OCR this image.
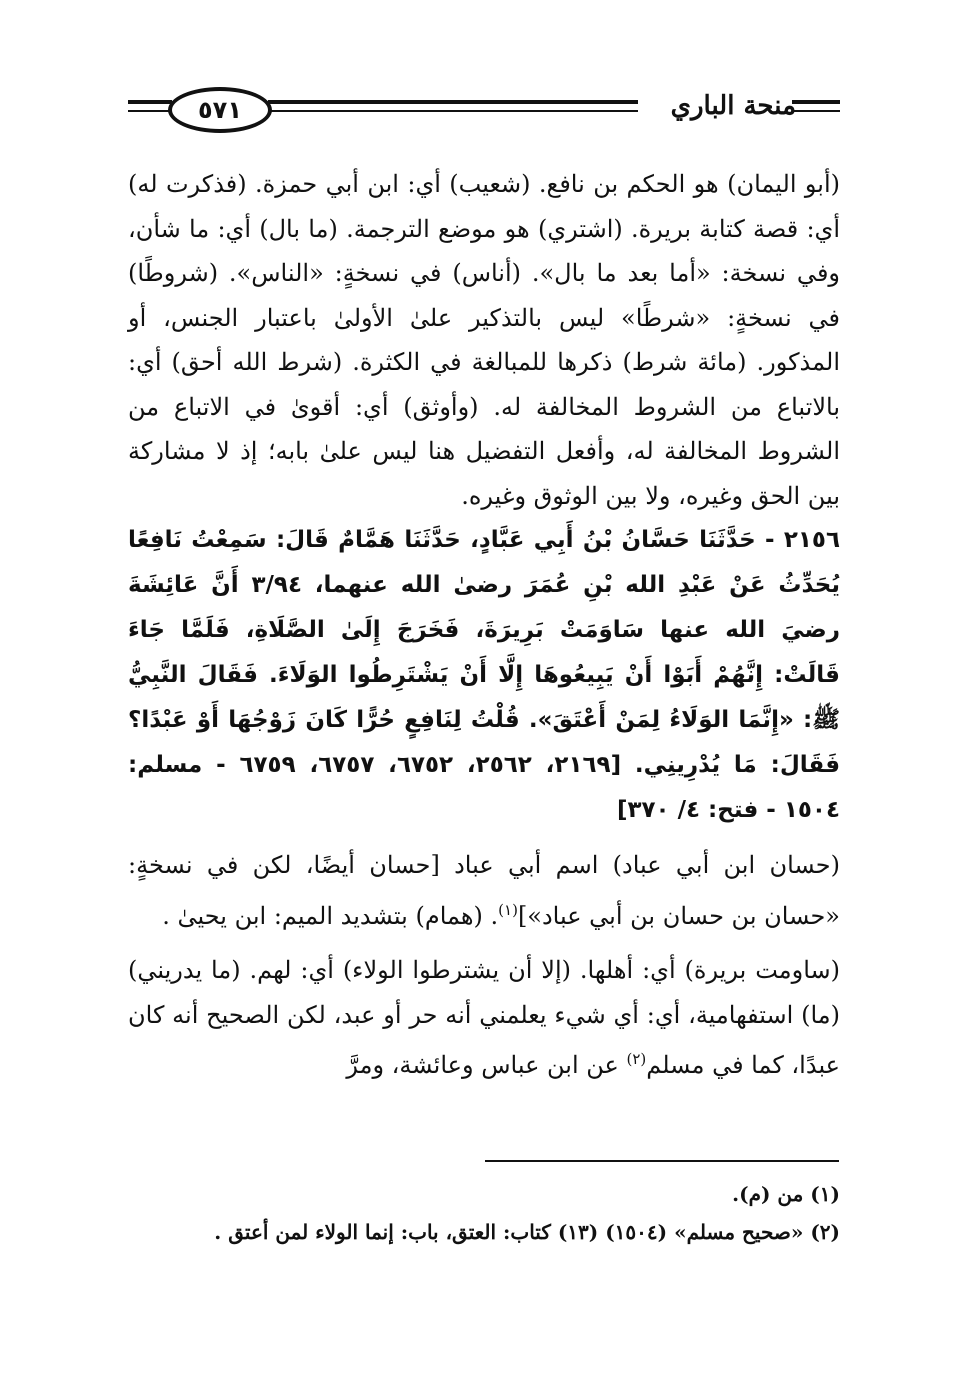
٥٧١	منحة الباري

(أبو اليمان) هو الحكم بن نافع. (شعيب) أي: ابن أبي حمزة. (فذكرت له) أي: قصة كتابة بريرة. (اشتري) هو موضع الترجمة. (ما بال) أي: ما شأن، وفي نسخة: «أما بعد ما بال». (أناس) في نسخةٍ: «الناس». (شروطًا) في نسخةٍ: «شرطًا» ليس بالتذكير علىٰ الأولىٰ باعتبار الجنس، أو المذكور. (مائة شرط) ذكرها للمبالغة في الكثرة. (شرط الله أحق) أي: بالاتباع من الشروط المخالفة له. (وأوثق) أي: أقوىٰ في الاتباع من الشروط المخالفة له، وأفعل التفضيل هنا ليس علىٰ بابه؛ إذ لا مشاركة بين الحق وغيره، ولا بين الوثوق وغيره.

٢١٥٦ - حَدَّثَنَا حَسَّانُ بْنُ أَبِي عَبَّادٍ، حَدَّثَنَا هَمَّامٌ قَالَ: سَمِعْتُ نَافِعًا يُحَدِّثُ عَنْ عَبْدِ الله بْنِ عُمَرَ رضىٰ الله عنهما، ٣/٩٤ أَنَّ عَائِشَةَ رضيَ الله عنها سَاوَمَتْ بَرِيرَةَ، فَخَرَجَ إِلَىٰ الصَّلَاةِ، فَلَمَّا جَاءَ قَالَتْ: إِنَّهُمْ أَبَوْا أَنْ يَبِيعُوهَا إِلَّا أَنْ يَشْتَرِطُوا الوَلَاءَ. فَقَالَ النَّبِيُّ ﷺ: «إِنَّمَا الوَلَاءُ لِمَنْ أَعْتَقَ». قُلْتُ لِنَافِعٍ حُرًّا كَانَ زَوْجُهَا أَوْ عَبْدًا؟ فَقَالَ: مَا يُدْرِينِي. [٢١٦٩، ٢٥٦٢، ٦٧٥٢، ٦٧٥٧، ٦٧٥٩ - مسلم: ١٥٠٤ - فتح: ٤/ ٣٧٠]

(حسان ابن أبي عباد) اسم أبي عباد [حسان أيضًا، لكن في نسخةٍ: «حسان بن حسان بن أبي عباد»]$^{(١)}$. (همام) بتشديد الميم: ابن يحيىٰ .

(ساومت بريرة) أي: أهلها. (إلا أن يشترطوا الولاء) أي: لهم. (ما يدريني) (ما) استفهامية، أي: أي شيء يعلمني أنه حر أو عبد، لكن الصحيح أنه كان عبدًا، كما في مسلم$^{(٢)}$ عن ابن عباس وعائشة، ومرَّ

(١) من (م).

(٢) «صحيح مسلم» (١٥٠٤) (١٣) كتاب: العتق، باب: إنما الولاء لمن أعتق .
